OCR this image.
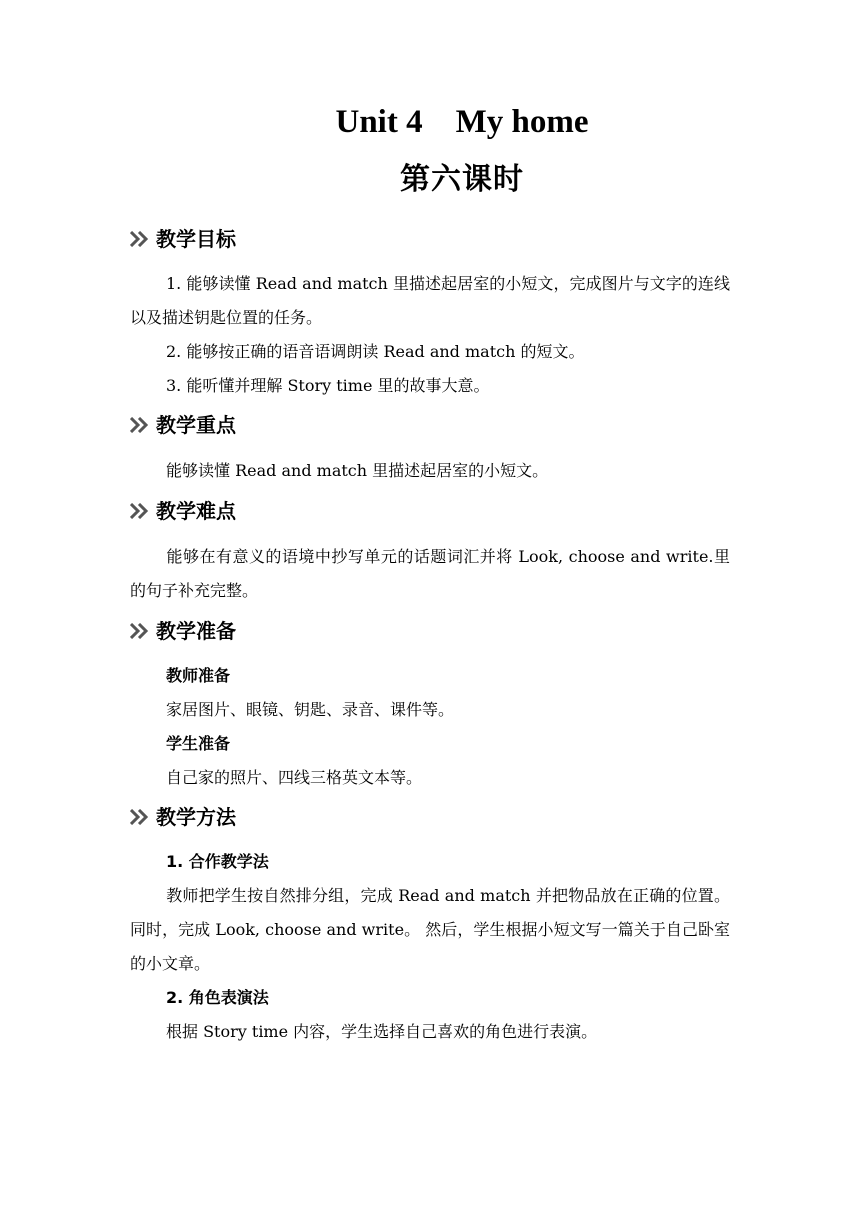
Unit 4    My home
第六课时
教学目标
1. 能够读懂 Read and match 里描述起居室的小短文，完成图片与文字的连线以及描述钥匙位置的任务。
2. 能够按正确的语音语调朗读 Read and match 的短文。
3. 能听懂并理解 Story time 里的故事大意。
教学重点
能够读懂 Read and match 里描述起居室的小短文。
教学难点
能够在有意义的语境中抄写单元的话题词汇并将 Look, choose and write.里的句子补充完整。
教学准备
教师准备
家居图片、眼镜、钥匙、录音、课件等。
学生准备
自己家的照片、四线三格英文本等。
教学方法
1. 合作教学法
教师把学生按自然排分组，完成 Read and match 并把物品放在正确的位置。同时，完成 Look, choose and write。 然后，学生根据小短文写一篇关于自己卧室的小文章。
2. 角色表演法
根据 Story time 内容，学生选择自己喜欢的角色进行表演。
